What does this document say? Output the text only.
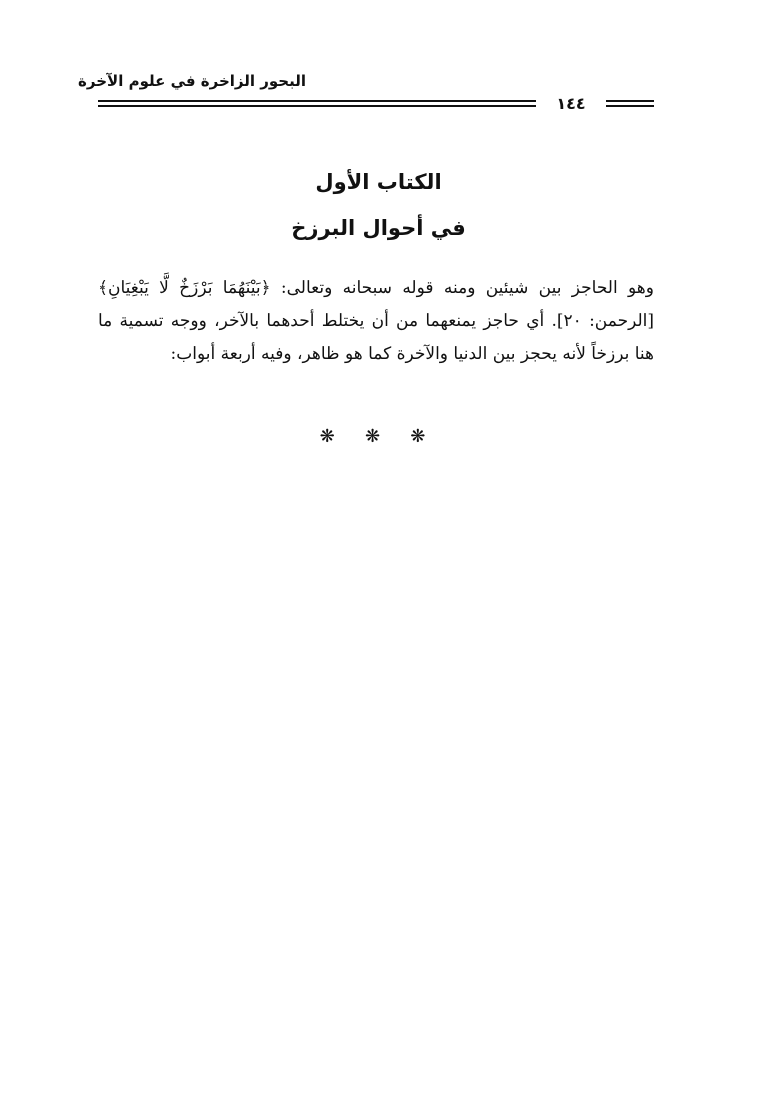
البحور الزاخرة في علوم الآخرة
١٤٤
الكتاب الأول
في أحوال البرزخ
وهو الحاجز بين شيئين ومنه قوله سبحانه وتعالى: ﴿بَيْنَهُمَا بَرْزَخٌ لَّا يَبْغِيَانِ﴾ [الرحمن: ٢٠]. أي حاجز يمنعهما من أن يختلط أحدهما بالآخر، ووجه تسمية ما هنا برزخاً لأنه يحجز بين الدنيا والآخرة كما هو ظاهر، وفيه أربعة أبواب:
❋ ❋ ❋
